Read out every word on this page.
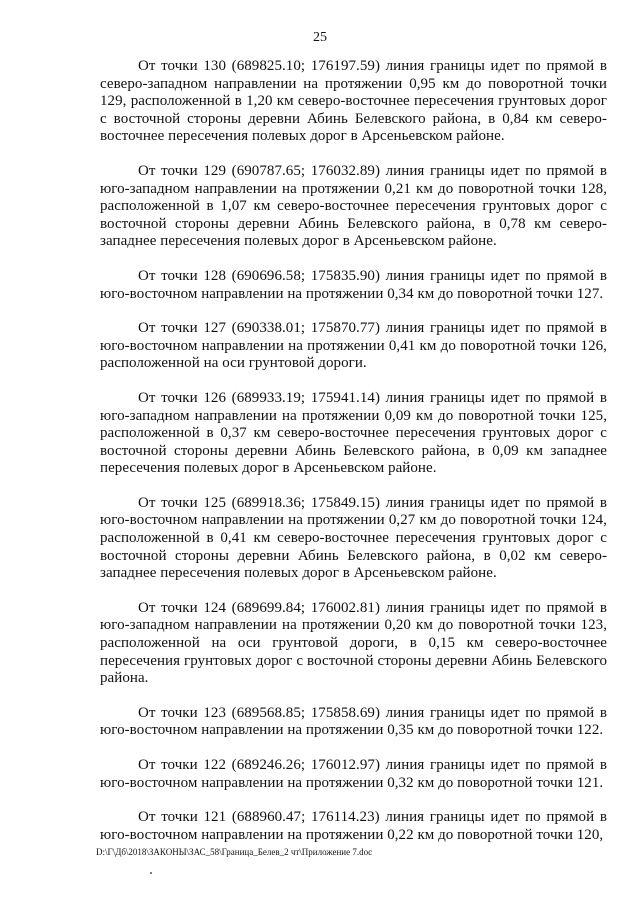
25

От точки 130 (689825.10; 176197.59) линия границы идет по прямой в северо-западном направлении на протяжении 0,95 км до поворотной точки 129, расположенной в 1,20 км северо-восточнее пересечения грунтовых дорог с восточной стороны деревни Абинь Белевского района, в 0,84 км северо-восточнее пересечения полевых дорог в Арсеньевском районе.

От точки 129 (690787.65; 176032.89) линия границы идет по прямой в юго-западном направлении на протяжении 0,21 км до поворотной точки 128, расположенной в 1,07 км северо-восточнее пересечения грунтовых дорог с восточной стороны деревни Абинь Белевского района, в 0,78 км северо-западнее пересечения полевых дорог в Арсеньевском районе.

От точки 128 (690696.58; 175835.90) линия границы идет по прямой в юго-восточном направлении на протяжении 0,34 км до поворотной точки 127.

От точки 127 (690338.01; 175870.77) линия границы идет по прямой в юго-восточном направлении на протяжении 0,41 км до поворотной точки 126, расположенной на оси грунтовой дороги.

От точки 126 (689933.19; 175941.14) линия границы идет по прямой в юго-западном направлении на протяжении 0,09 км до поворотной точки 125, расположенной в 0,37 км северо-восточнее пересечения грунтовых дорог с восточной стороны деревни Абинь Белевского района, в 0,09 км западнее пересечения полевых дорог в Арсеньевском районе.

От точки 125 (689918.36; 175849.15) линия границы идет по прямой в юго-восточном направлении на протяжении 0,27 км до поворотной точки 124, расположенной в 0,41 км северо-восточнее пересечения грунтовых дорог с восточной стороны деревни Абинь Белевского района, в 0,02 км северо-западнее пересечения полевых дорог в Арсеньевском районе.

От точки 124 (689699.84; 176002.81) линия границы идет по прямой в юго-западном направлении на протяжении 0,20 км до поворотной точки 123, расположенной на оси грунтовой дороги, в 0,15 км северо-восточнее пересечения грунтовых дорог с восточной стороны деревни Абинь Белевского района.

От точки 123 (689568.85; 175858.69) линия границы идет по прямой в юго-восточном направлении на протяжении 0,35 км до поворотной точки 122.

От точки 122 (689246.26; 176012.97) линия границы идет по прямой в юго-восточном направлении на протяжении 0,32 км до поворотной точки 121.

От точки 121 (688960.47; 176114.23) линия границы идет по прямой в юго-восточном направлении на протяжении 0,22 км до поворотной точки 120,

D:\Г\Дб\2018\ЗАКОНЫ\ЗАС_58\Граница_Белев_2 чт\Приложение 7.doc
